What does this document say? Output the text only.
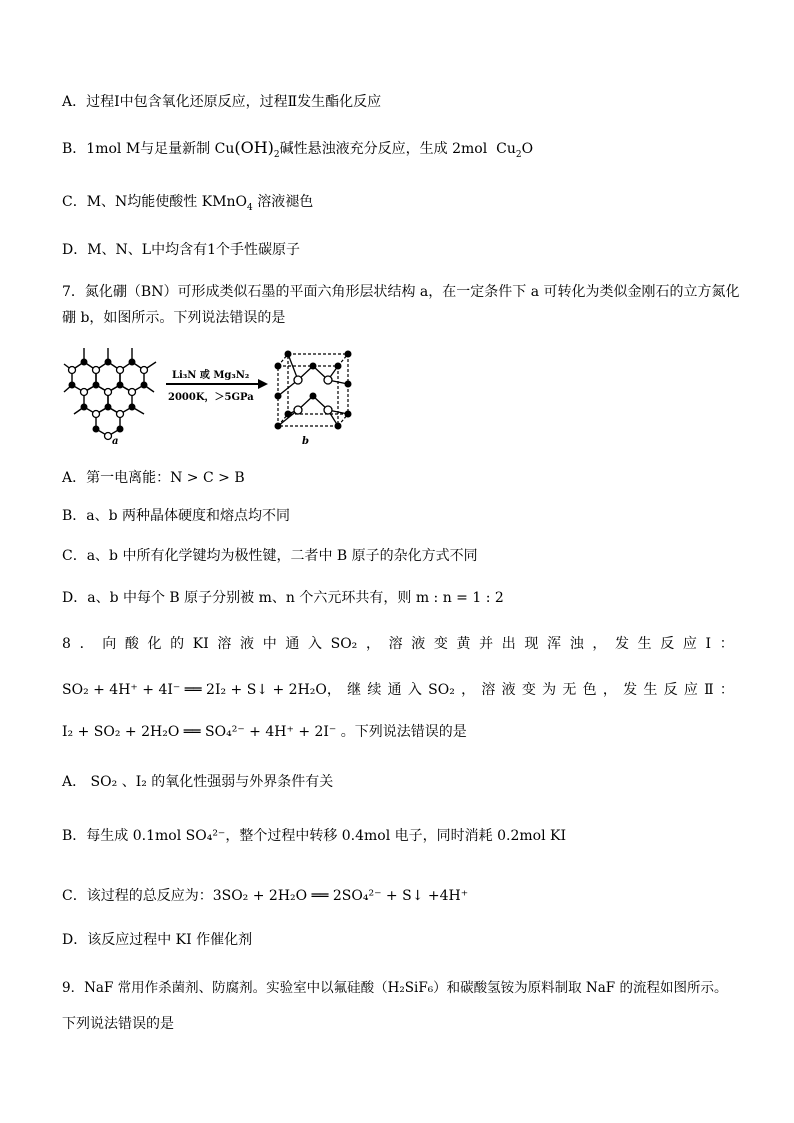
A．过程Ⅰ中包含氧化还原反应，过程Ⅱ发生酯化反应
B．1mol M与足量新制 $Cu(OH)_2$碱性悬浊液充分反应，生成 2mol $Cu_2O$
C．M、N均能使酸性 KMnO$_4$ 溶液褪色
D．M、N、L中均含有1个手性碳原子
7．氮化硼（BN）可形成类似石墨的平面六角形层状结构 a，在一定条件下 a 可转化为类似金刚石的立方氮化
硼 b，如图所示。下列说法错误的是
a
Li₃N 或 Mg₃N₂
2000K，＞5GPa
b
A．第一电离能：N > C > B
B．a、b 两种晶体硬度和熔点均不同
C．a、b 中所有化学键均为极性键，二者中 B 原子的杂化方式不同
D．a、b 中每个 B 原子分别被 m、n 个六元环共有，则 m : n = 1 : 2
8 ． 向 酸 化 的 KI 溶 液 中 通 入 SO₂ ， 溶 液 变 黄 并 出 现 浑 浊 ， 发 生 反 应 Ⅰ ：
SO₂ + 4H⁺ + 4I⁻ ══ 2I₂ + S↓ + 2H₂O ， 继 续 通 入 SO₂ ， 溶 液 变 为 无 色 ， 发 生 反 应 Ⅱ ：
I₂ + SO₂ + 2H₂O ══ SO₄²⁻ + 4H⁺ + 2I⁻ 。下列说法错误的是
A． SO₂ 、I₂ 的氧化性强弱与外界条件有关
B．每生成 0.1mol SO₄²⁻，整个过程中转移 0.4mol 电子，同时消耗 0.2mol KI
C．该过程的总反应为：3SO₂ + 2H₂O ══ 2SO₄²⁻ + S↓ +4H⁺
D．该反应过程中 KI 作催化剂
9．NaF 常用作杀菌剂、防腐剂。实验室中以氟硅酸（H₂SiF₆）和碳酸氢铵为原料制取 NaF 的流程如图所示。
下列说法错误的是
